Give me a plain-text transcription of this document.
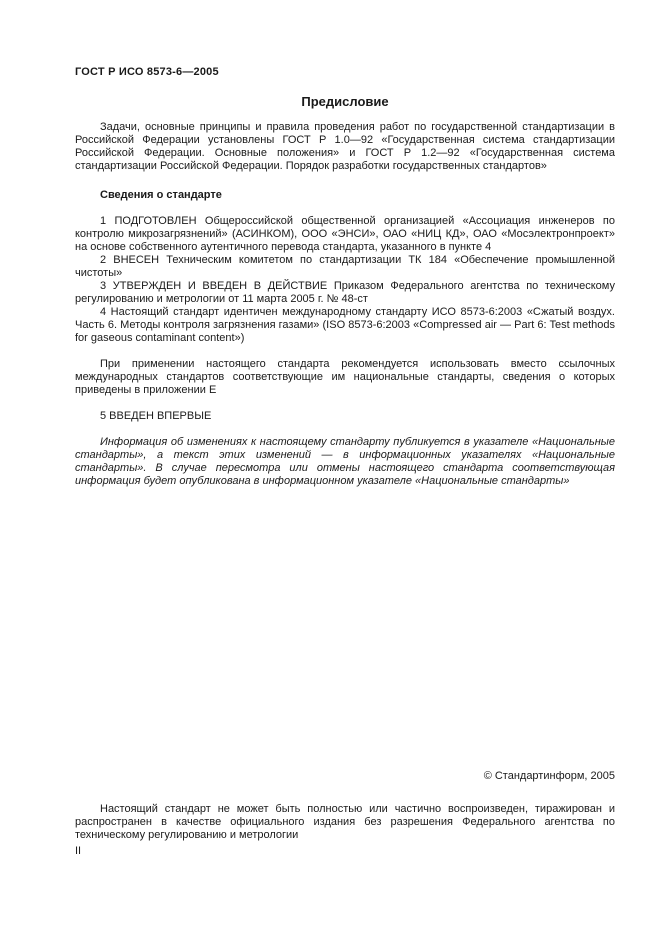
ГОСТ Р ИСО 8573-6—2005
Предисловие

Задачи, основные принципы и правила проведения работ по государственной стандартизации в Российской Федерации установлены ГОСТ Р 1.0—92 «Государственная система стандартизации Российской Федерации. Основные положения» и ГОСТ Р 1.2—92 «Государственная система стандартизации Российской Федерации. Порядок разработки государственных стандартов»

Сведения о стандарте

1 ПОДГОТОВЛЕН Общероссийской общественной организацией «Ассоциация инженеров по контролю микрозагрязнений» (АСИНКОМ), ООО «ЭНСИ», ОАО «НИЦ КД», ОАО «Мосэлектронпроект» на основе собственного аутентичного перевода стандарта, указанного в пункте 4

2 ВНЕСЕН Техническим комитетом по стандартизации ТК 184 «Обеспечение промышленной чистоты»

3 УТВЕРЖДЕН И ВВЕДЕН В ДЕЙСТВИЕ Приказом Федерального агентства по техническому регулированию и метрологии от 11 марта 2005 г. № 48-ст

4 Настоящий стандарт идентичен международному стандарту ИСО 8573-6:2003 «Сжатый воздух. Часть 6. Методы контроля загрязнения газами» (ISO 8573-6:2003 «Compressed air — Part 6: Test methods for gaseous contaminant content»)

При применении настоящего стандарта рекомендуется использовать вместо ссылочных международных стандартов соответствующие им национальные стандарты, сведения о которых приведены в приложении Е

5 ВВЕДЕН ВПЕРВЫЕ

Информация об изменениях к настоящему стандарту публикуется в указателе «Национальные стандарты», а текст этих изменений — в информационных указателях «Национальные стандарты». В случае пересмотра или отмены настоящего стандарта соответствующая информация будет опубликована в информационном указателе «Национальные стандарты»

© Стандартинформ, 2005

Настоящий стандарт не может быть полностью или частично воспроизведен, тиражирован и распространен в качестве официального издания без разрешения Федерального агентства по техническому регулированию и метрологии

II
